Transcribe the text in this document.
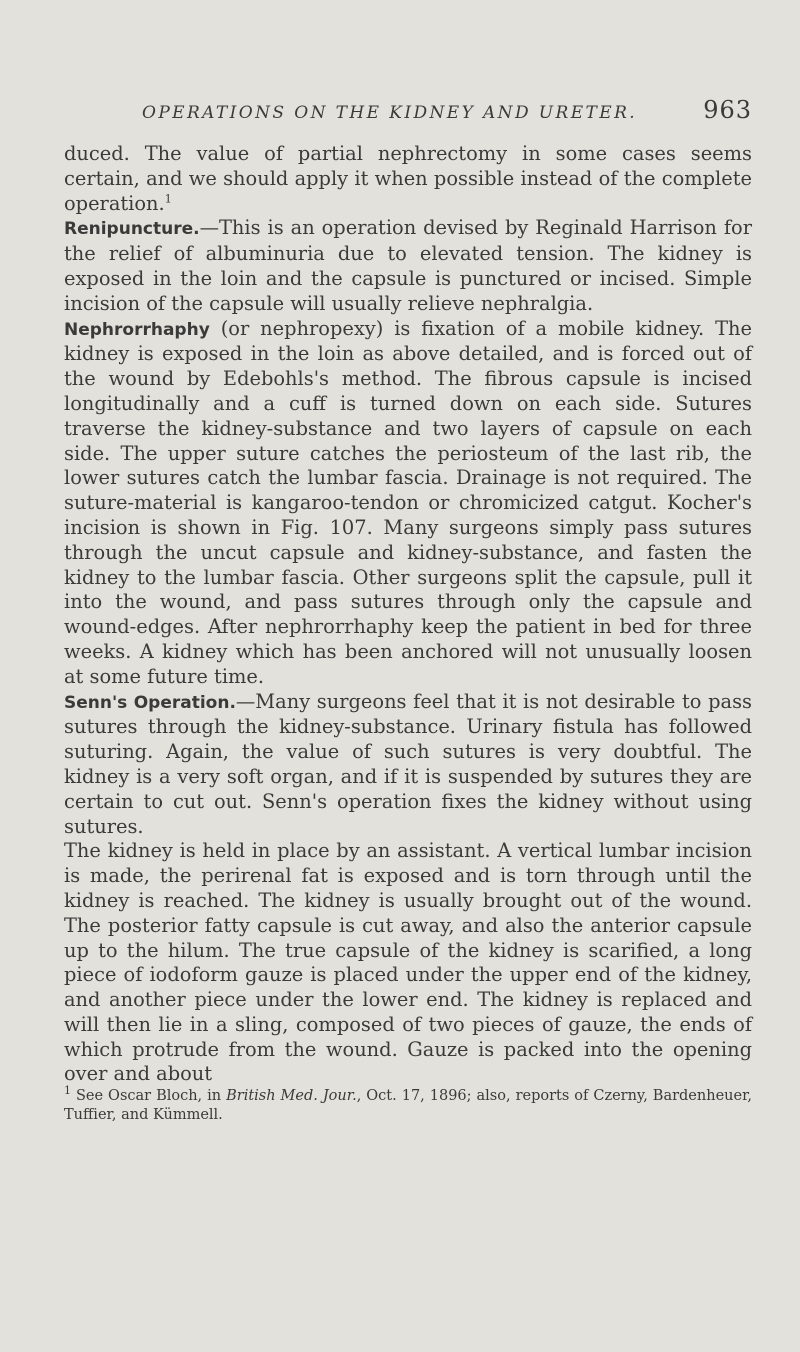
OPERATIONS ON THE KIDNEY AND URETER.	963

duced. The value of partial nephrectomy in some cases seems certain, and we should apply it when possible instead of the complete operation.$^1$

Renipuncture.—This is an operation devised by Reginald Harrison for the relief of albuminuria due to elevated tension. The kidney is exposed in the loin and the capsule is punctured or incised. Simple incision of the capsule will usually relieve nephralgia.

Nephrorrhaphy (or nephropexy) is fixation of a mobile kidney. The kidney is exposed in the loin as above detailed, and is forced out of the wound by Edebohls's method. The fibrous capsule is incised longitudinally and a cuff is turned down on each side. Sutures traverse the kidney-substance and two layers of capsule on each side. The upper suture catches the periosteum of the last rib, the lower sutures catch the lumbar fascia. Drainage is not required. The suture-material is kangaroo-tendon or chromicized catgut. Kocher's incision is shown in Fig. 107. Many surgeons simply pass sutures through the uncut capsule and kidney-substance, and fasten the kidney to the lumbar fascia. Other surgeons split the capsule, pull it into the wound, and pass sutures through only the capsule and wound-edges. After nephrorrhaphy keep the patient in bed for three weeks. A kidney which has been anchored will not unusually loosen at some future time.

Senn's Operation.—Many surgeons feel that it is not desirable to pass sutures through the kidney-substance. Urinary fistula has followed suturing. Again, the value of such sutures is very doubtful. The kidney is a very soft organ, and if it is suspended by sutures they are certain to cut out. Senn's operation fixes the kidney without using sutures.

The kidney is held in place by an assistant. A vertical lumbar incision is made, the perirenal fat is exposed and is torn through until the kidney is reached. The kidney is usually brought out of the wound. The posterior fatty capsule is cut away, and also the anterior capsule up to the hilum. The true capsule of the kidney is scarified, a long piece of iodoform gauze is placed under the upper end of the kidney, and another piece under the lower end. The kidney is replaced and will then lie in a sling, composed of two pieces of gauze, the ends of which protrude from the wound. Gauze is packed into the opening over and about

$^1$ See Oscar Bloch, in British Med. Jour., Oct. 17, 1896; also, reports of Czerny, Bardenheuer, Tuffier, and Kümmell.
